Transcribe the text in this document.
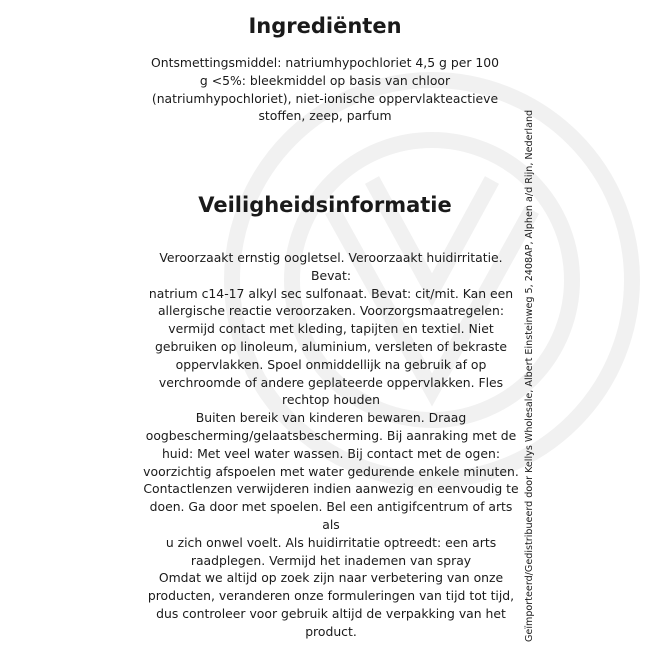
Ingrediënten

Ontsmettingsmiddel: natriumhypochloriet 4,5 g per 100
g <5%: bleekmiddel op basis van chloor
(natriumhypochloriet), niet-ionische oppervlakteactieve
stoffen, zeep, parfum

Veiligheidsinformatie

Veroorzaakt ernstig oogletsel. Veroorzaakt huidirritatie. Bevat:
natrium c14-17 alkyl sec sulfonaat. Bevat: cit/mit. Kan een
allergische reactie veroorzaken. Voorzorgsmaatregelen:
vermijd contact met kleding, tapijten en textiel. Niet
gebruiken op linoleum, aluminium, versleten of bekraste
oppervlakken. Spoel onmiddellijk na gebruik af op
verchroomde of andere geplateerde oppervlakken. Fles
rechtop houden
Buiten bereik van kinderen bewaren. Draag
oogbescherming/gelaatsbescherming. Bij aanraking met de
huid: Met veel water wassen. Bij contact met de ogen:
voorzichtig afspoelen met water gedurende enkele minuten.
Contactlenzen verwijderen indien aanwezig en eenvoudig te
doen. Ga door met spoelen. Bel een antigifcentrum of arts als
u zich onwel voelt. Als huidirritatie optreedt: een arts
raadplegen. Vermijd het inademen van spray
Omdat we altijd op zoek zijn naar verbetering van onze
producten, veranderen onze formuleringen van tijd tot tijd,
dus controleer voor gebruik altijd de verpakking van het
product.	Geïmporteerd/Gedistribueerd door Kellys Wholesale, Albert Einsteinweg 5, 2408AP, Alphen a/d Rijn, Nederland
